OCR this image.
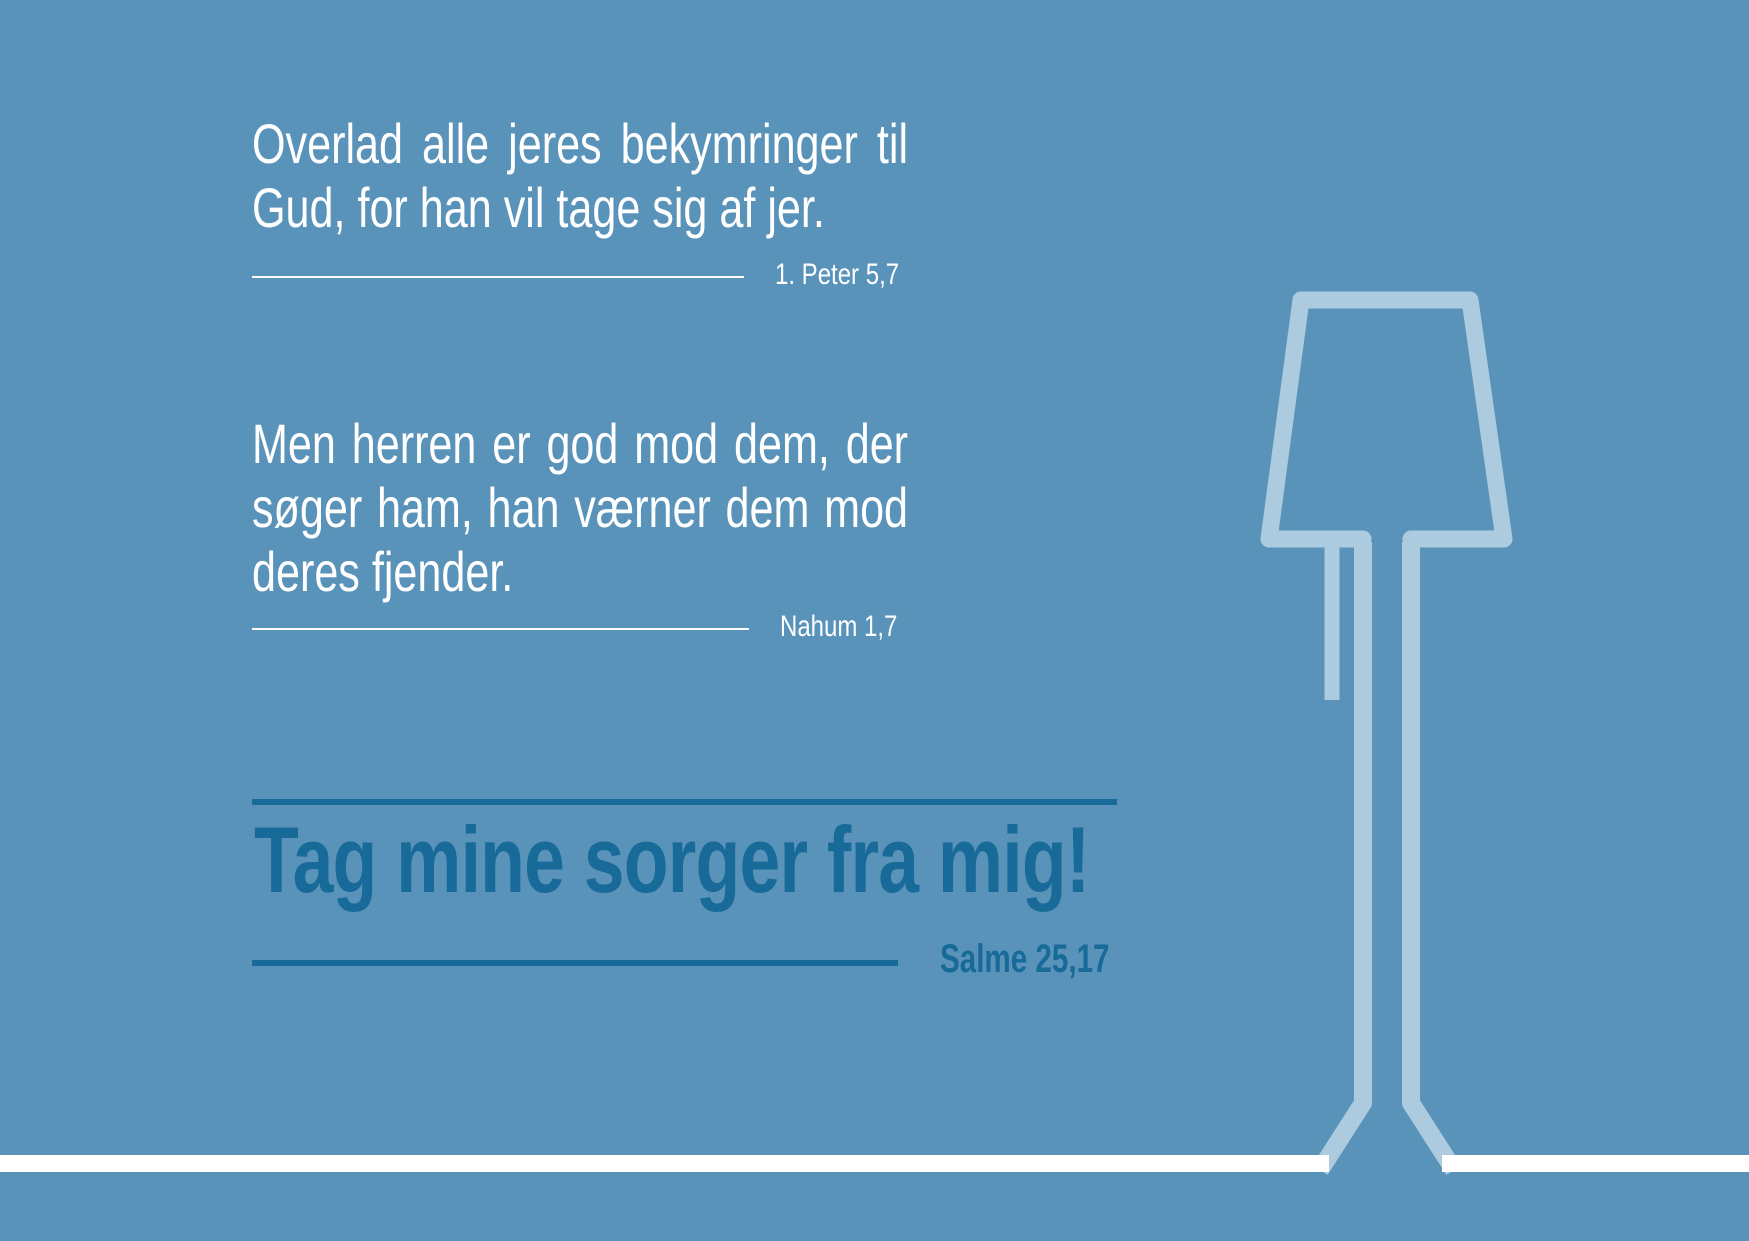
Overlad alle jeres bekymringer til
Gud, for han vil tage sig af jer.
1. Peter 5,7
Men herren er god mod dem, der
søger ham, han værner dem mod
deres fjender.
Nahum 1,7
Tag mine sorger fra mig!
Salme 25,17
